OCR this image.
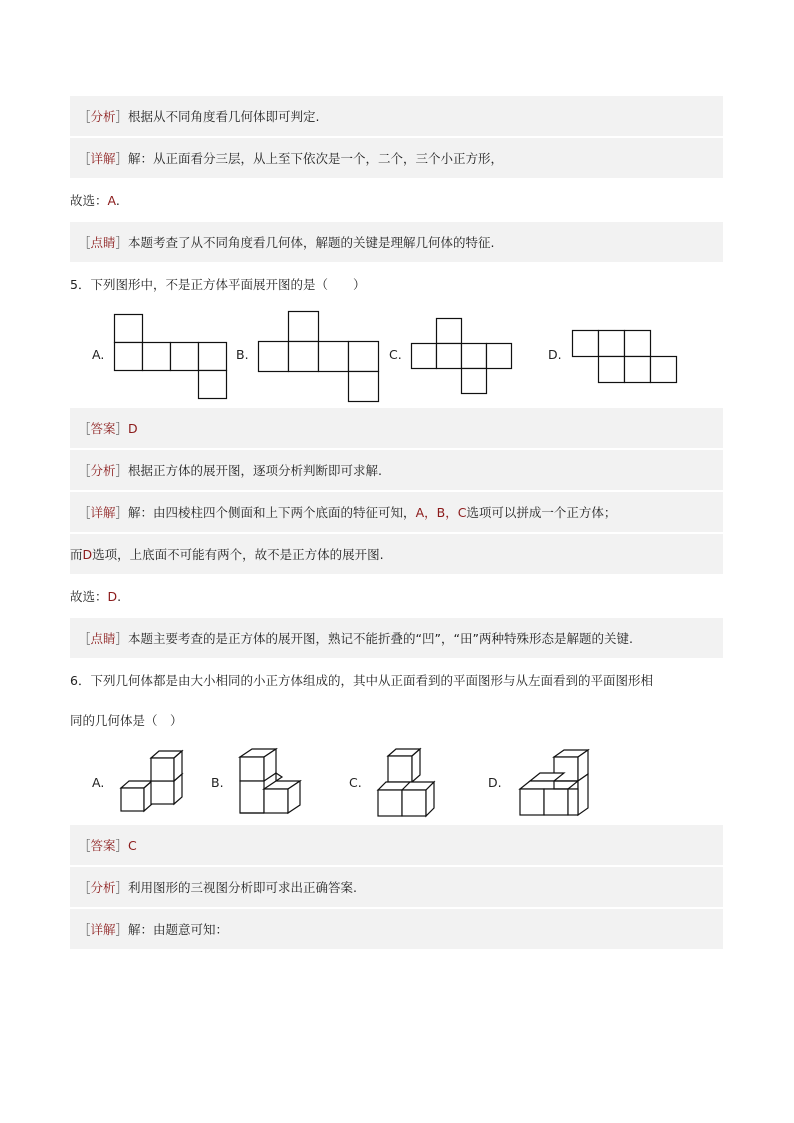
［分析］根据从不同角度看几何体即可判定.
［详解］解：从正面看分三层，从上至下依次是一个，二个，三个小正方形，
故选：A.
［点睛］本题考查了从不同角度看几何体，解题的关键是理解几何体的特征.
5．下列图形中，不是正方体平面展开图的是（　　）
A.	B.	C.	D.
［答案］D
［分析］根据正方体的展开图，逐项分析判断即可求解.
［详解］解：由四棱柱四个侧面和上下两个底面的特征可知，A，B，C选项可以拼成一个正方体；
而D选项，上底面不可能有两个，故不是正方体的展开图.
故选：D.
［点睛］本题主要考查的是正方体的展开图，熟记不能折叠的“凹”，“田”两种特殊形态是解题的关键.
6．下列几何体都是由大小相同的小正方体组成的，其中从正面看到的平面图形与从左面看到的平面图形相
同的几何体是（　）
A.	B.	C.	D.
［答案］C
［分析］利用图形的三视图分析即可求出正确答案.
［详解］解：由题意可知：
